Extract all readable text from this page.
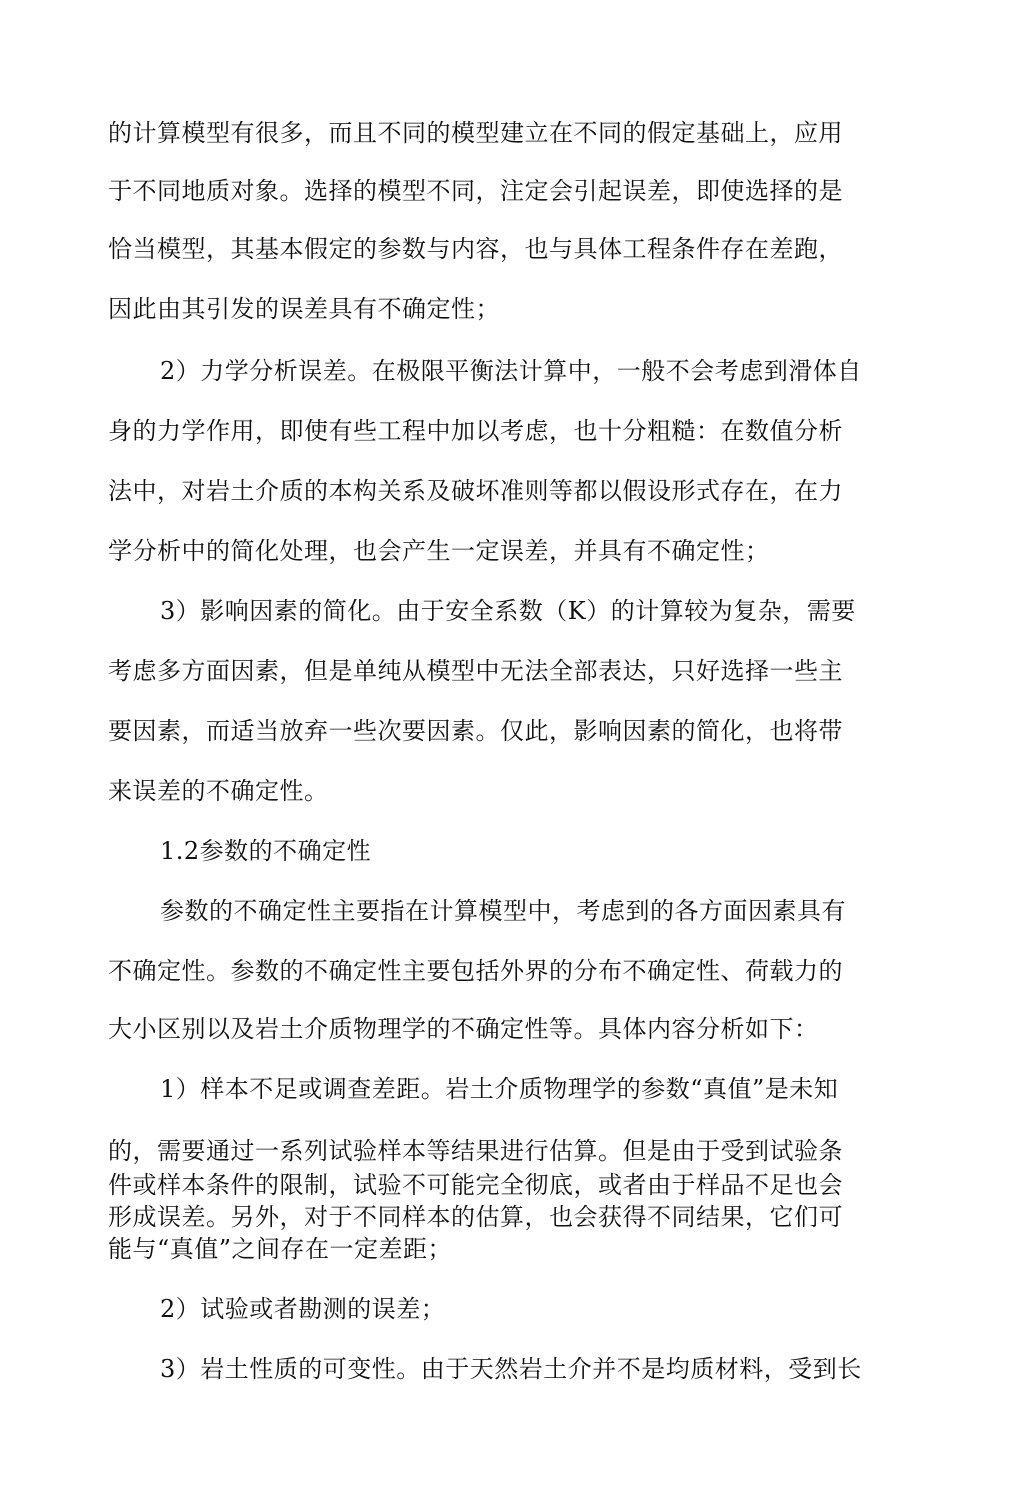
的计算模型有很多，而且不同的模型建立在不同的假定基础上，应用
于不同地质对象。选择的模型不同，注定会引起误差，即使选择的是
恰当模型，其基本假定的参数与内容，也与具体工程条件存在差跑，
因此由其引发的误差具有不确定性；
2）力学分析误差。在极限平衡法计算中，一般不会考虑到滑体自
身的力学作用，即使有些工程中加以考虑，也十分粗糙：在数值分析
法中，对岩土介质的本构关系及破坏准则等都以假设形式存在，在力
学分析中的简化处理，也会产生一定误差，并具有不确定性；
3）影响因素的简化。由于安全系数（K）的计算较为复杂，需要
考虑多方面因素，但是单纯从模型中无法全部表达，只好选择一些主
要因素，而适当放弃一些次要因素。仅此，影响因素的简化，也将带
来误差的不确定性。
1.2参数的不确定性
参数的不确定性主要指在计算模型中，考虑到的各方面因素具有
不确定性。参数的不确定性主要包括外界的分布不确定性、荷载力的
大小区别以及岩土介质物理学的不确定性等。具体内容分析如下：
1）样本不足或调查差距。岩土介质物理学的参数“真值”是未知
的，需要通过一系列试验样本等结果进行估算。但是由于受到试验条
件或样本条件的限制，试验不可能完全彻底，或者由于样品不足也会
形成误差。另外，对于不同样本的估算，也会获得不同结果，它们可
能与“真值”之间存在一定差距；
2）试验或者勘测的误差；
3）岩土性质的可变性。由于天然岩土介并不是均质材料，受到长
